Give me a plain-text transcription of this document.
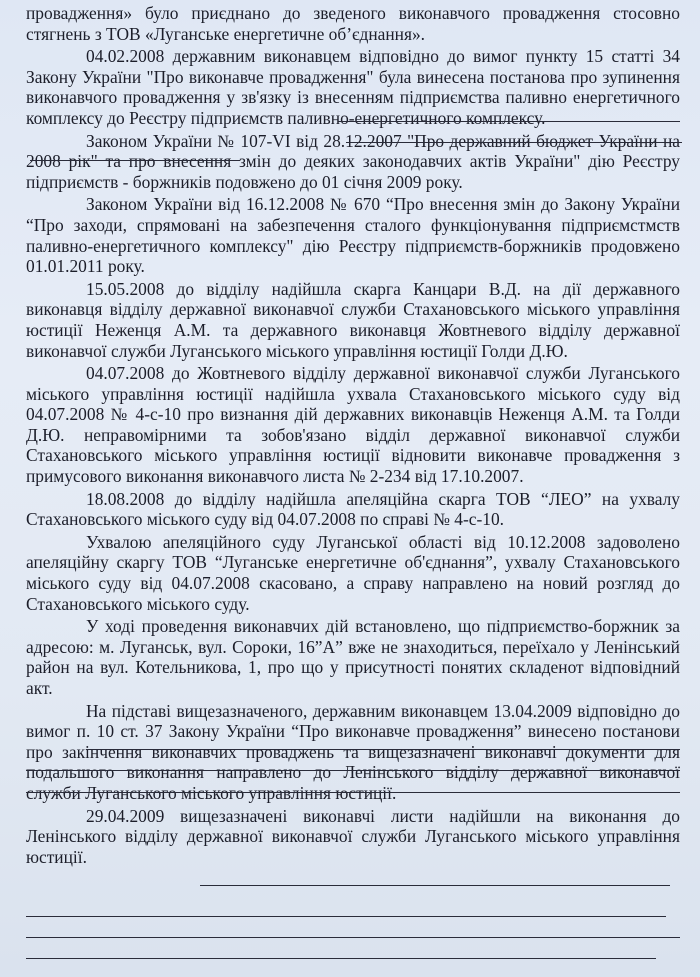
провадження» було приєднано до зведеного виконавчого провадження стосовно стягнень з ТОВ «Луганське енергетичне об’єднання».

04.02.2008 державним виконавцем відповідно до вимог пункту 15 статті 34 Закону України "Про виконавче провадження" була винесена постанова про зупинення виконавчого провадження у зв'язку із внесенням підприємства паливно енергетичного комплексу до Реєстру підприємств паливно-енергетичного комплексу.

Законом України № 107-VI від 28.12.2007 "Про державний бюджет України на 2008 рік" та про внесення змін до деяких законодавчих актів України" дію Реєстру підприємств - боржників подовжено до 01 січня 2009 року.

Законом України від 16.12.2008 № 670 “Про внесення змін до Закону України “Про заходи, спрямовані на забезпечення сталого функціонування підприємстмств паливно-енергетичного комплексу" дію Реєстру підприємств-боржників продовжено 01.01.2011 року.

15.05.2008 до відділу надійшла скарга Канцари В.Д. на дії державного виконавця відділу державної виконавчої служби Стахановського міського управління юстиції Неженця А.М. та державного виконавця Жовтневого відділу державної виконавчої служби Луганського міського управління юстиції Голди Д.Ю.

04.07.2008 до Жовтневого відділу державної виконавчої служби Луганського міського управління юстиції надійшла ухвала Стахановського міського суду від 04.07.2008 № 4-с-10 про визнання дій державних виконавців Неженця А.М. та Голди Д.Ю. неправомірними та зобов'язано відділ державної виконавчої служби Стахановського міського управління юстиції відновити виконавче провадження з примусового виконання виконавчого листа № 2-234 від 17.10.2007.

18.08.2008 до відділу надійшла апеляційна скарга ТОВ “ЛЕО” на ухвалу Стахановського міського суду від 04.07.2008 по справі № 4-с-10.

Ухвалою апеляційного суду Луганської області від 10.12.2008 задоволено апеляційну скаргу ТОВ “Луганське енергетичне об'єднання”, ухвалу Стахановського міського суду від 04.07.2008 скасовано, а справу направлено на новий розгляд до Стахановського міського суду.

У ході проведення виконавчих дій встановлено, що підприємство-боржник за адресою: м. Луганськ, вул. Сороки, 16”А” вже не знаходиться, переїхало у Ленінський район на вул. Котельникова, 1, про що у присутності понятих складенот відповідний акт.

На підставі вищезазначеного, державним виконавцем 13.04.2009 відповідно до вимог п. 10 ст. 37 Закону України “Про виконавче провадження” винесено постанови про закінчення виконавчих проваджень та вищезазначені виконавчі документи для подальшого виконання направлено до Ленінського відділу державної виконавчої служби Луганського міського управління юстиції.

29.04.2009 вищезазначені виконавчі листи надійшли на виконання до Ленінського відділу державної виконавчої служби Луганського міського управління юстиції.
